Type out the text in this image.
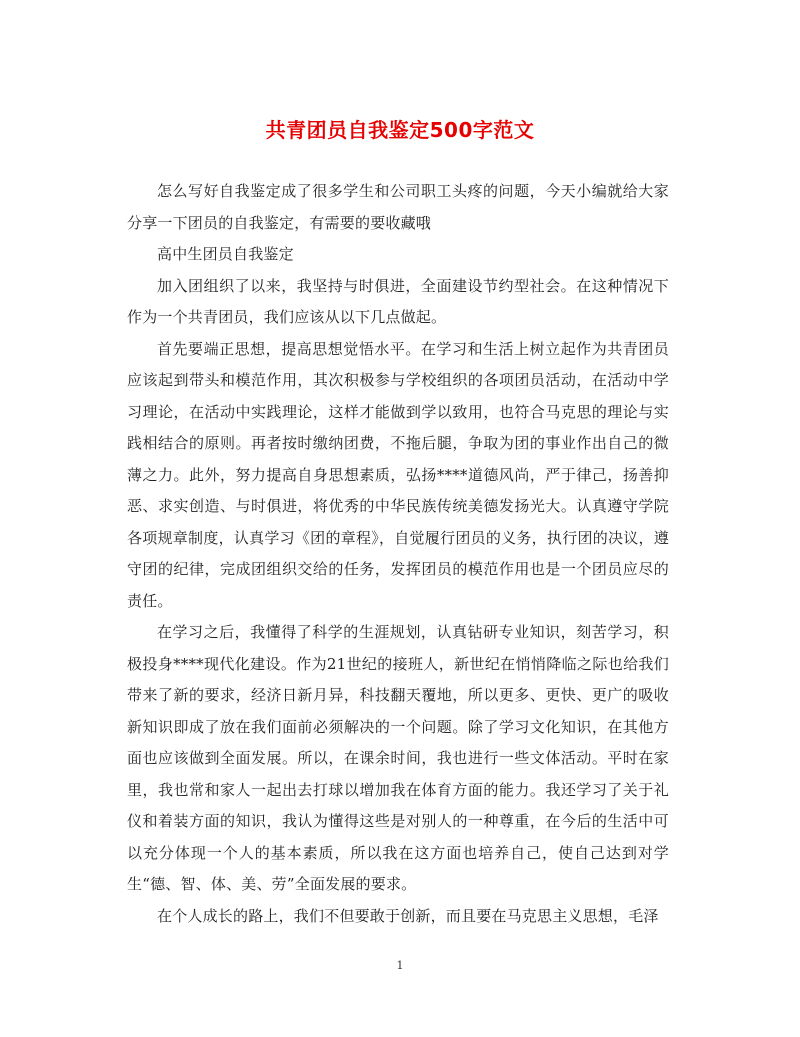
共青团员自我鉴定500字范文

怎么写好自我鉴定成了很多学生和公司职工头疼的问题，今天小编就给大家分享一下团员的自我鉴定，有需要的要收藏哦

高中生团员自我鉴定

加入团组织了以来，我坚持与时俱进，全面建设节约型社会。在这种情况下作为一个共青团员，我们应该从以下几点做起。

首先要端正思想，提高思想觉悟水平。在学习和生活上树立起作为共青团员应该起到带头和模范作用，其次积极参与学校组织的各项团员活动，在活动中学习理论，在活动中实践理论，这样才能做到学以致用，也符合马克思的理论与实践相结合的原则。再者按时缴纳团费，不拖后腿，争取为团的事业作出自己的微薄之力。此外，努力提高自身思想素质，弘扬****道德风尚，严于律己，扬善抑恶、求实创造、与时俱进，将优秀的中华民族传统美德发扬光大。认真遵守学院各项规章制度，认真学习《团的章程》，自觉履行团员的义务，执行团的决议，遵守团的纪律，完成团组织交给的任务，发挥团员的模范作用也是一个团员应尽的责任。

在学习之后，我懂得了科学的生涯规划，认真钻研专业知识，刻苦学习，积极投身****现代化建设。作为21世纪的接班人，新世纪在悄悄降临之际也给我们带来了新的要求，经济日新月异，科技翻天覆地，所以更多、更快、更广的吸收新知识即成了放在我们面前必须解决的一个问题。除了学习文化知识，在其他方面也应该做到全面发展。所以，在课余时间，我也进行一些文体活动。平时在家里，我也常和家人一起出去打球以增加我在体育方面的能力。我还学习了关于礼仪和着装方面的知识，我认为懂得这些是对别人的一种尊重，在今后的生活中可以充分体现一个人的基本素质，所以我在这方面也培养自己，使自己达到对学生“德、智、体、美、劳”全面发展的要求。

在个人成长的路上，我们不但要敢于创新，而且要在马克思主义思想，毛泽

1
